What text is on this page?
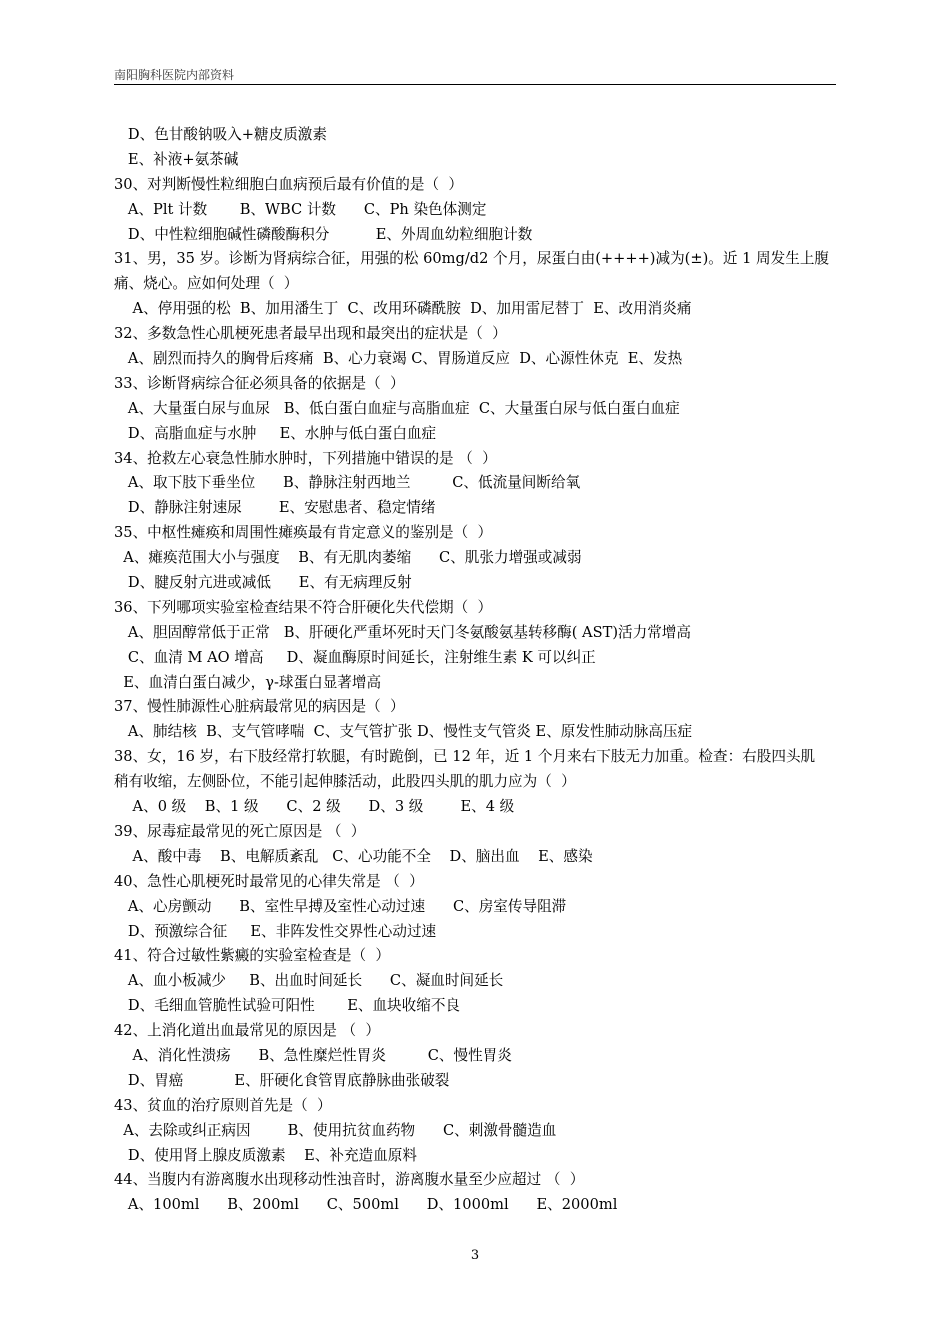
南阳胸科医院内部资料
D、色甘酸钠吸入+糖皮质激素
E、补液+氨茶碱
30、对判断慢性粒细胞白血病预后最有价值的是（  ）
A、Plt 计数       B、WBC 计数      C、Ph 染色体测定
D、中性粒细胞碱性磷酸酶积分          E、外周血幼粒细胞计数
31、男，35 岁。诊断为肾病综合征，用强的松 60mg/d2 个月，尿蛋白由(++++)减为(±)。近 1 周发生上腹
痛、烧心。应如何处理（  ）
A、停用强的松  B、加用潘生丁  C、改用环磷酰胺  D、加用雷尼替丁  E、改用消炎痛
32、多数急性心肌梗死患者最早出现和最突出的症状是（  ）
A、剧烈而持久的胸骨后疼痛  B、心力衰竭 C、胃肠道反应  D、心源性休克  E、发热
33、诊断肾病综合征必须具备的依据是（  ）
A、大量蛋白尿与血尿   B、低白蛋白血症与高脂血症  C、大量蛋白尿与低白蛋白血症
D、高脂血症与水肿     E、水肿与低白蛋白血症
34、抢救左心衰急性肺水肿时，下列措施中错误的是 （  ）
A、取下肢下垂坐位      B、静脉注射西地兰         C、低流量间断给氧
D、静脉注射速尿        E、安慰患者、稳定情绪
35、中枢性瘫痪和周围性瘫痪最有肯定意义的鉴别是（  ）
A、瘫痪范围大小与强度    B、有无肌肉萎缩      C、肌张力增强或减弱
D、腱反射亢进或减低      E、有无病理反射
36、下列哪项实验室检查结果不符合肝硬化失代偿期（  ）
A、胆固醇常低于正常   B、肝硬化严重坏死时天门冬氨酸氨基转移酶( AST)活力常增高
C、血清 M AO 增高     D、凝血酶原时间延长，注射维生素 K 可以纠正
E、血清白蛋白减少，γ-球蛋白显著增高
37、慢性肺源性心脏病最常见的病因是（  ）
A、肺结核  B、支气管哮喘  C、支气管扩张 D、慢性支气管炎 E、原发性肺动脉高压症
38、女，16 岁，右下肢经常打软腿，有时跪倒，已 12 年，近 1 个月来右下肢无力加重。检查：右股四头肌
稍有收缩，左侧卧位，不能引起伸膝活动，此股四头肌的肌力应为（  ）
A、0 级    B、1 级      C、2 级      D、3 级        E、4 级
39、尿毒症最常见的死亡原因是 （  ）
A、酸中毒    B、电解质紊乱   C、心功能不全    D、脑出血    E、感染
40、急性心肌梗死时最常见的心律失常是 （  ）
A、心房颤动      B、室性早搏及室性心动过速      C、房室传导阻滞
D、预激综合征     E、非阵发性交界性心动过速
41、符合过敏性紫癜的实验室检查是（  ）
A、血小板减少     B、出血时间延长      C、凝血时间延长
D、毛细血管脆性试验可阳性       E、血块收缩不良
42、上消化道出血最常见的原因是 （  ）
A、消化性溃疡      B、急性糜烂性胃炎         C、慢性胃炎
D、胃癌           E、肝硬化食管胃底静脉曲张破裂
43、贫血的治疗原则首先是（  ）
A、去除或纠正病因        B、使用抗贫血药物      C、刺激骨髓造血
D、使用肾上腺皮质激素    E、补充造血原料
44、当腹内有游离腹水出现移动性浊音时，游离腹水量至少应超过 （  ）
A、100ml      B、200ml      C、500ml      D、1000ml      E、2000ml
3
